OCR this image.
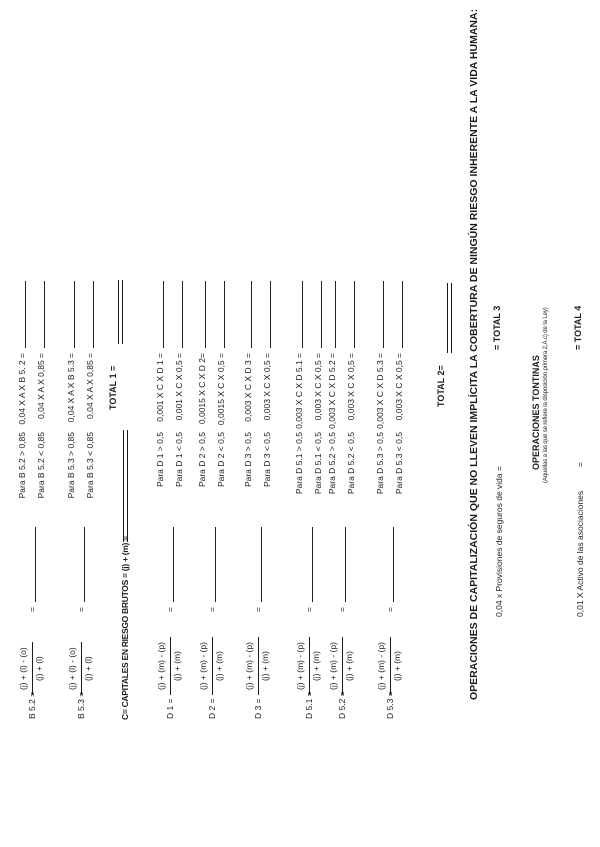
B 5.2 =
(j) + (l) - (o) (j) + (l)
=
Para B 5.2 > 0,85
0,04 X A X B 5. 2 =
Para B 5.2 < 0,85
0,04 X A X 0,85 =
B 5.3 =
(j) + (l) - (o) (j) + (l)
=
Para B 5.3 > 0,85
0,04 X A X B 5.3 =
Para B 5.3 < 0,85
0,04 X A X 0,85 =
D 1 =
(j) + (m) - (p) (j) + (m)
=
Para D 1 > 0,5
0,001 X C X D 1 =
Para D 1 < 0,5
0,001 X C X 0,5 =
D 2 =
(j) + (m) - (p) (j) + (m)
=
Para D 2 > 0,5
0,0015 X C X D 2=
Para D 2 < 0,5
0,0015 X C X 0,5 =
D 3 =
(j) + (m) - (p) (j) + (m)
=
Para D 3 > 0,5
0,003 X C X D 3 =
Para D 3 < 0,5
0,003 X C X 0,5 =
D 5.1 =
(j) + (m) - (p) (j) + (m)
=
Para D 5.1 > 0,5
0,003 X C X D 5.1 =
Para D 5.1 < 0,5
0,003 X C X 0,5 =
D 5.2 =
(j) + (m) - (p) (j) + (m)
=
Para D 5.2 > 0,5
0,003 X C X D 5.2 =
Para D 5.2 < 0,5
0,003 X C X 0,5 =
D 5.3 =
(j) + (m) - (p) (j) + (m)
=
Para D 5.3 > 0,5
0,003 X C X D 5.3 =
Para D 5.3 < 0,5
0,003 X C X 0,5 =
TOTAL 1 =
C= CAPITALES EN RIESGO BRUTOS = (j) + (m) =
TOTAL 2= OPERACIONES DE CAPITALIZACIÓN QUE NO LLEVEN IMPLÍCITA LA COBERTURA DE NINGÚN RIESGO INHERENTE A LA VIDA HUMANA: 0,04 x Provisiones de seguros de vida =
= TOTAL 3
OPERACIONES TONTINAS (Aquellas a las que se refiere la disposición primera 2,A.c) de la Ley)
0,01 X Activo de las asociaciones
=
= TOTAL 4
